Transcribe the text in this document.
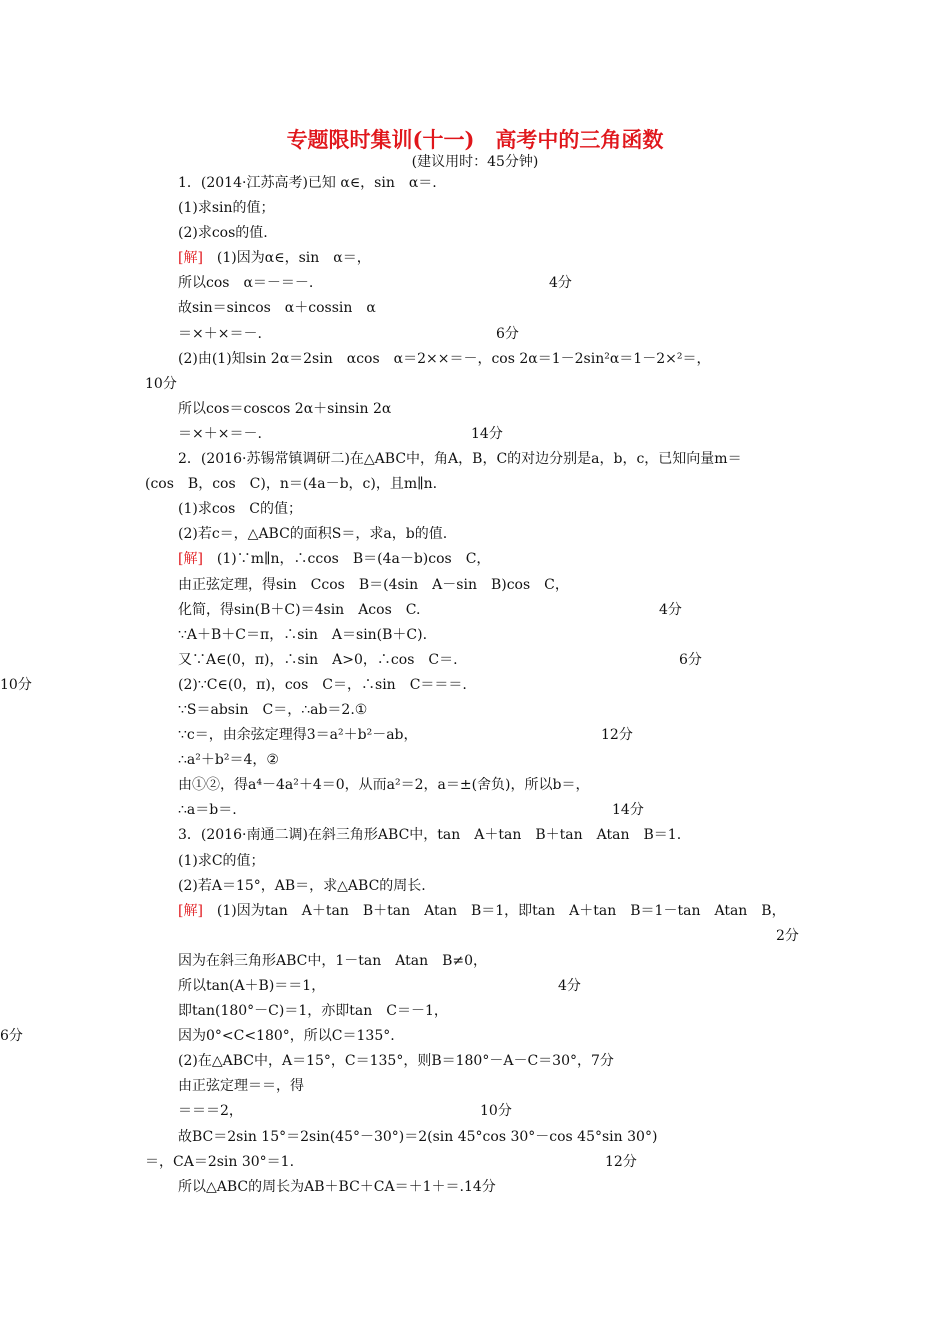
专题限时集训(十一)　高考中的三角函数
(建议用时：45分钟)
1．(2014·江苏高考)已知 α∈，sin　α＝.
(1)求sin的值；
(2)求cos的值.
[解]　(1)因为α∈，sin　α＝，
所以cos　α＝－＝－.	4分
故sin＝sincos　α＋cossin　α
＝×＋×＝－.	6分
(2)由(1)知sin 2α＝2sin　αcos　α＝2××＝－，cos 2α＝1－2sin²α＝1－2×²＝，
10分
所以cos＝coscos 2α＋sinsin 2α
＝×＋×＝－.	14分
2．(2016·苏锡常镇调研二)在△ABC中，角A，B，C的对边分别是a，b，c，已知向量m＝
(cos　B，cos　C)，n＝(4a－b，c)，且m∥n.
(1)求cos　C的值；
(2)若c＝，△ABC的面积S＝，求a，b的值.
[解]　(1)∵m∥n，∴ccos　B＝(4a－b)cos　C，
由正弦定理，得sin　Ccos　B＝(4sin　A－sin　B)cos　C，
化简，得sin(B＋C)＝4sin　Acos　C.	4分
∵A＋B＋C＝π，∴sin　A＝sin(B＋C).
又∵A∈(0，π)，∴sin　A>0，∴cos　C＝.	6分
(2)∵C∈(0，π)，cos　C＝，∴sin　C＝＝＝.
10分
∵S＝absin　C＝，∴ab＝2.①
∵c＝，由余弦定理得3＝a²＋b²－ab，	12分
∴a²＋b²＝4，②
由①②，得a⁴－4a²＋4＝0，从而a²＝2，a＝±(舍负)，所以b＝，
∴a＝b＝.	14分
3．(2016·南通二调)在斜三角形ABC中，tan　A＋tan　B＋tan　Atan　B＝1.
(1)求C的值；
(2)若A＝15°，AB＝，求△ABC的周长.
[解]　(1)因为tan　A＋tan　B＋tan　Atan　B＝1，即tan　A＋tan　B＝1－tan　Atan　B，
2分
因为在斜三角形ABC中，1－tan　Atan　B≠0，
所以tan(A＋B)＝＝1，	4分
即tan(180°－C)＝1，亦即tan　C＝－1，
因为0°<C<180°，所以C＝135°.
6分
(2)在△ABC中，A＝15°，C＝135°，则B＝180°－A－C＝30°，7分
由正弦定理＝＝，得
＝＝＝2，	10分
故BC＝2sin 15°＝2sin(45°－30°)＝2(sin 45°cos 30°－cos 45°sin 30°)
＝，CA＝2sin 30°＝1.	12分
所以△ABC的周长为AB＋BC＋CA＝＋1＋＝.14分
